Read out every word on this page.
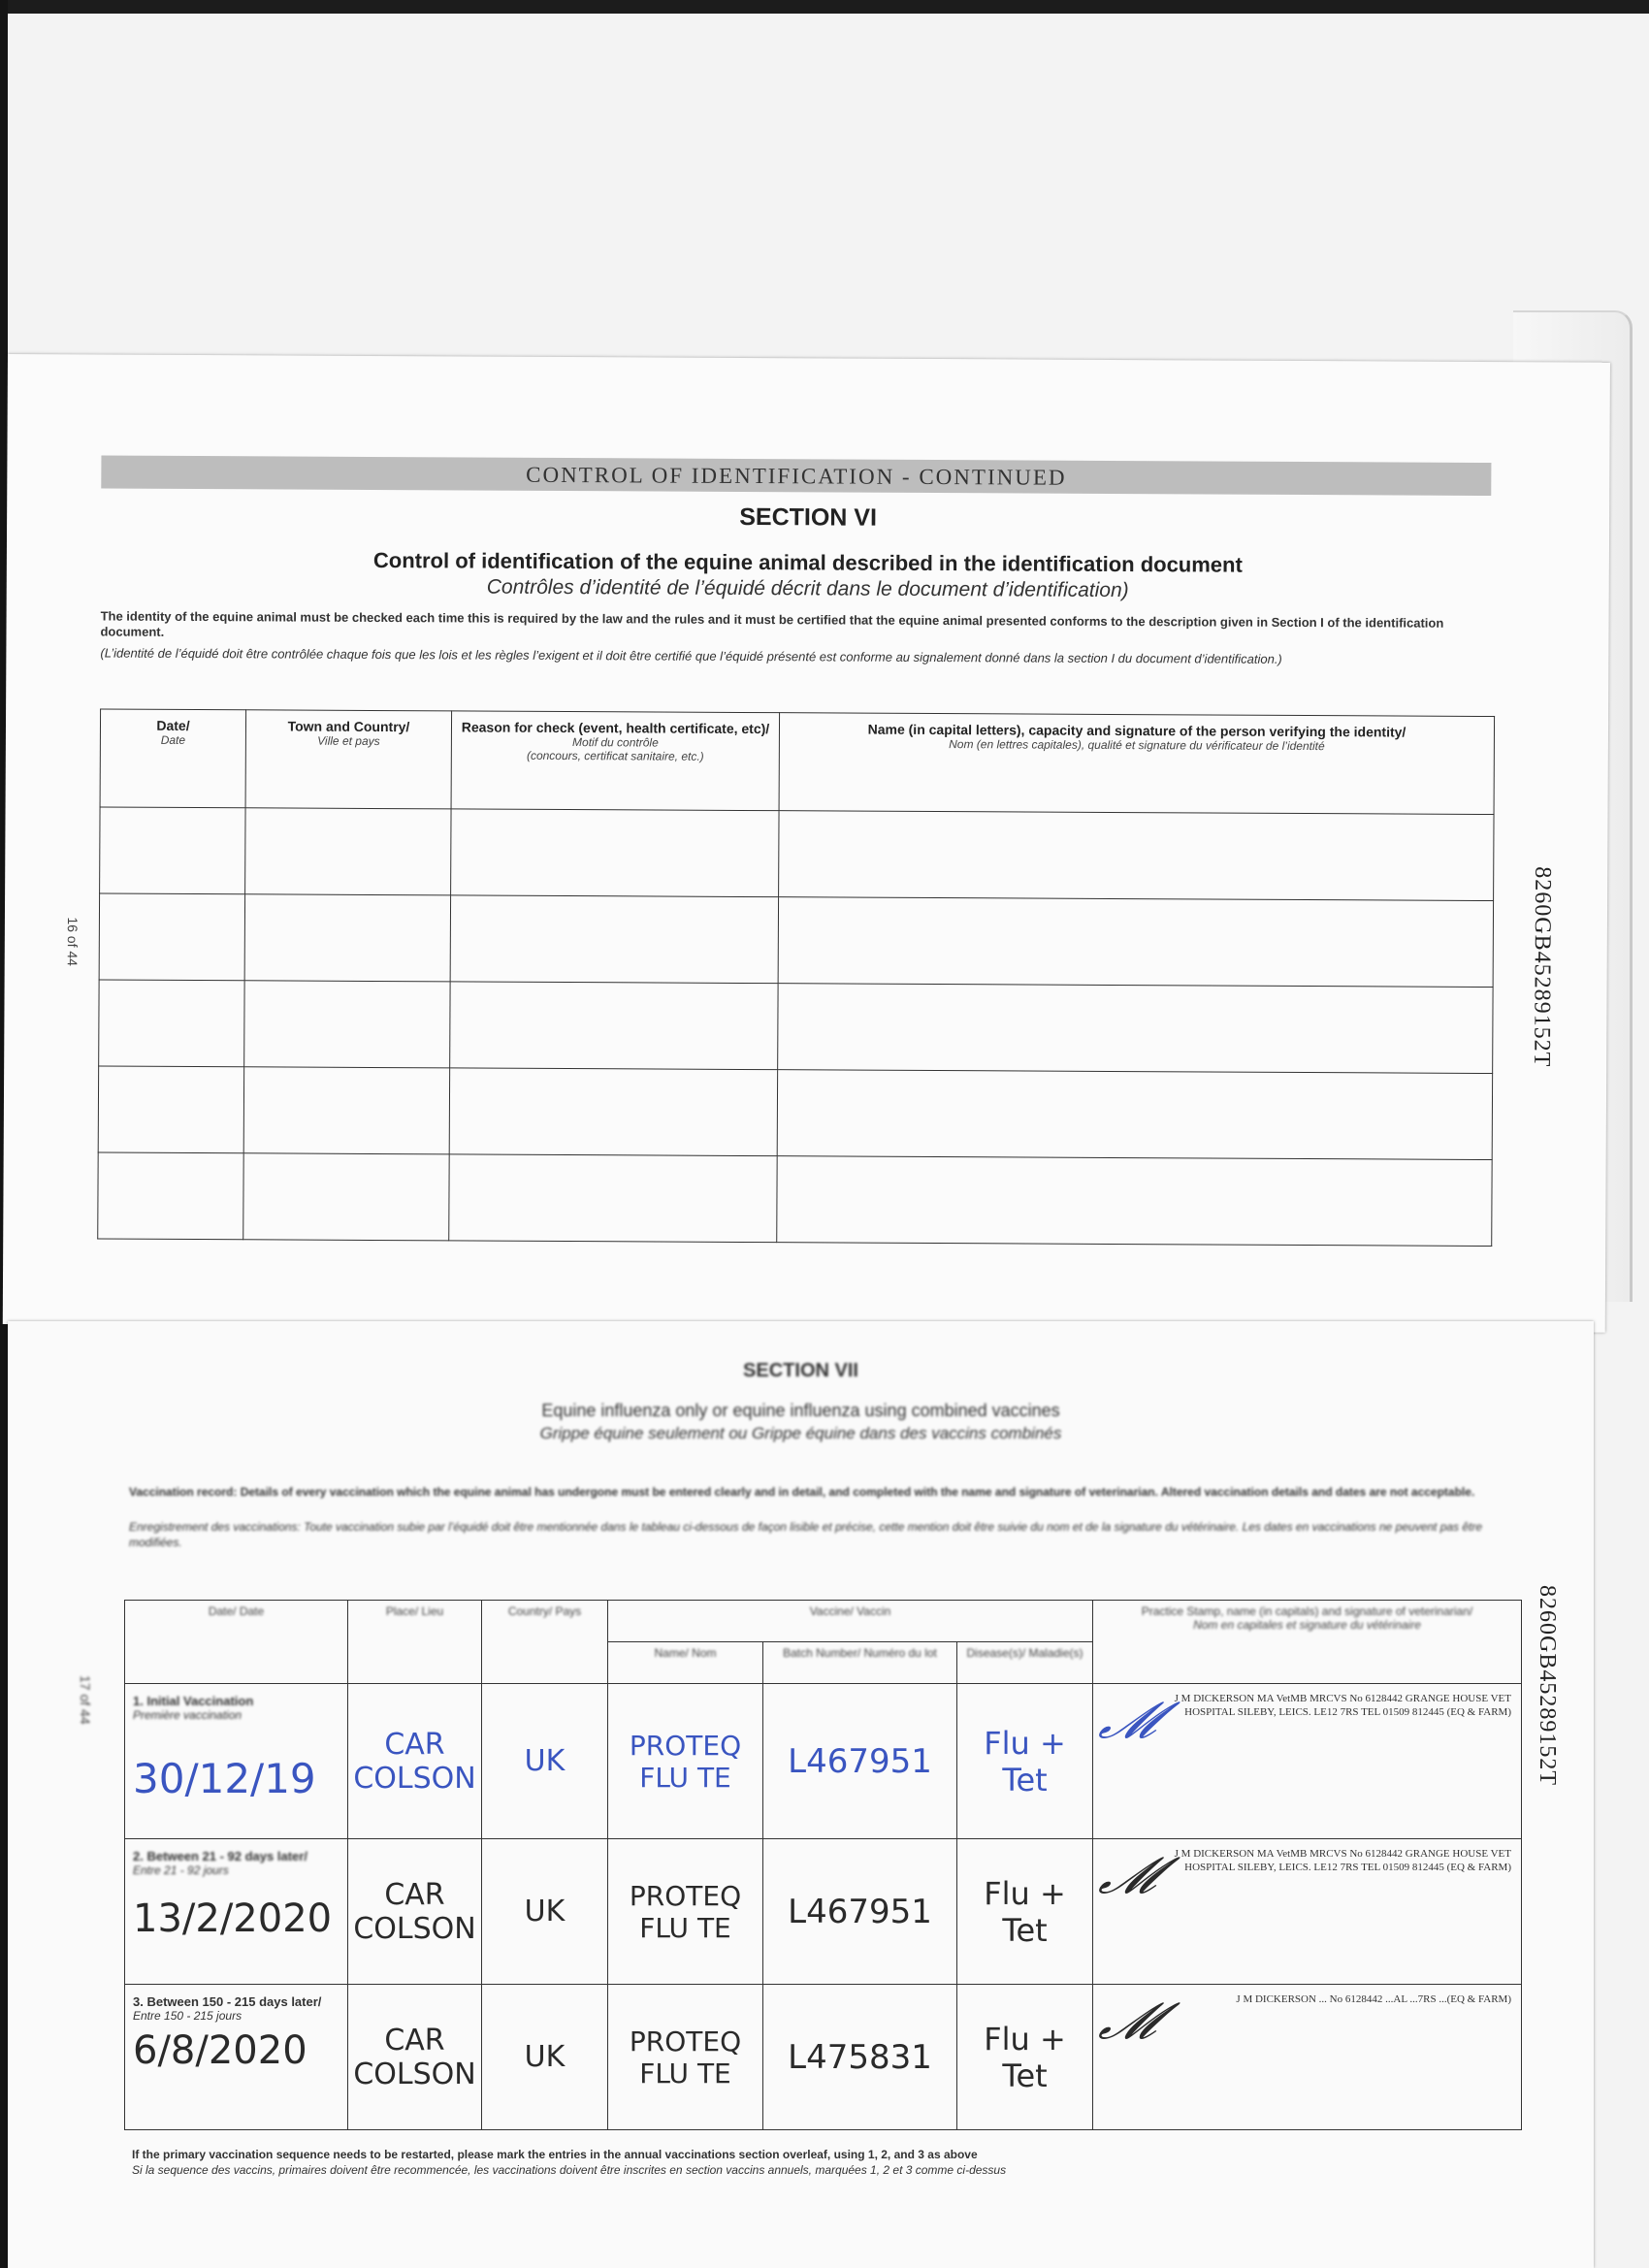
CONTROL OF IDENTIFICATION - CONTINUED
SECTION VI
Control of identification of the equine animal described in the identification document
Contrôles d’identité de l’équidé décrit dans le document d’identification)
The identity of the equine animal must be checked each time this is required by the law and the rules and it must be certified that the equine animal presented conforms to the description given in Section I of the identification document.
(L’identité de l’équidé doit être contrôlée chaque fois que les lois et les règles l’exigent et il doit être certifié que l’équidé présenté est conforme au signalement donné dans la section I du document d’identification.)
Date/
Date	Town and Country/
Ville et pays	Reason for check (event, health certificate, etc)/
Motif du contrôle
(concours, certificat sanitaire, etc.)	Name (in capital letters), capacity and signature of the person verifying the identity/
Nom (en lettres capitales), qualité et signature du vérificateur de l’identité

16 of 44	8260GB45289152T
SECTION VII
Equine influenza only or equine influenza using combined vaccines
Grippe équine seulement ou Grippe équine dans des vaccins combinés
Vaccination record: Details of every vaccination which the equine animal has undergone must be entered clearly and in detail, and completed with the name and signature of veterinarian. Altered vaccination details and dates are not acceptable.
Enregistrement des vaccinations: Toute vaccination subie par l’équidé doit être mentionnée dans le tableau ci-dessous de façon lisible et précise, cette mention doit être suivie du nom et de la signature du vétérinaire. Les dates en vaccinations ne peuvent pas être modifiées.
Date/ Date	Place/ Lieu	Country/ Pays	Vaccine/ Vaccin			Practice Stamp, name (in capitals) and signature of veterinarian/
Nom en capitales et signature du vétérinaire
			Name/ Nom	Batch Number/ Numéro du lot	Disease(s)/ Maladie(s)	

1. Initial Vaccination
Première vaccination
30/12/19	CAR COLSON	UK	PROTEQ FLU TE	L467951	Flu + Tet	𝓜 J M DICKERSON MA VetMB MRCVS No 6128442 GRANGE HOUSE VET HOSPITAL SILEBY, LEICS. LE12 7RS TEL 01509 812445 (EQ & FARM)

2. Between 21 - 92 days later/
Entre 21 - 92 jours
13/2/2020	CAR COLSON	UK	PROTEQ FLU TE	L467951	Flu + Tet	𝓜 J M DICKERSON MA VetMB MRCVS No 6128442 GRANGE HOUSE VET HOSPITAL SILEBY, LEICS. LE12 7RS TEL 01509 812445 (EQ & FARM)

3. Between 150 - 215 days later/
Entre 150 - 215 jours
6/8/2020	CAR COLSON	UK	PROTEQ FLU TE	L475831	Flu + Tet	𝓜 J M DICKERSON ... No 6128442 ...AL ...7RS ...(EQ & FARM)
If the primary vaccination sequence needs to be restarted, please mark the entries in the annual vaccinations section overleaf, using 1, 2, and 3 as above
Si la sequence des vaccins, primaires doivent être recommencée, les vaccinations doivent être inscrites en section vaccins annuels, marquées 1, 2 et 3 comme ci-dessus
17 of 44	8260GB45289152T
